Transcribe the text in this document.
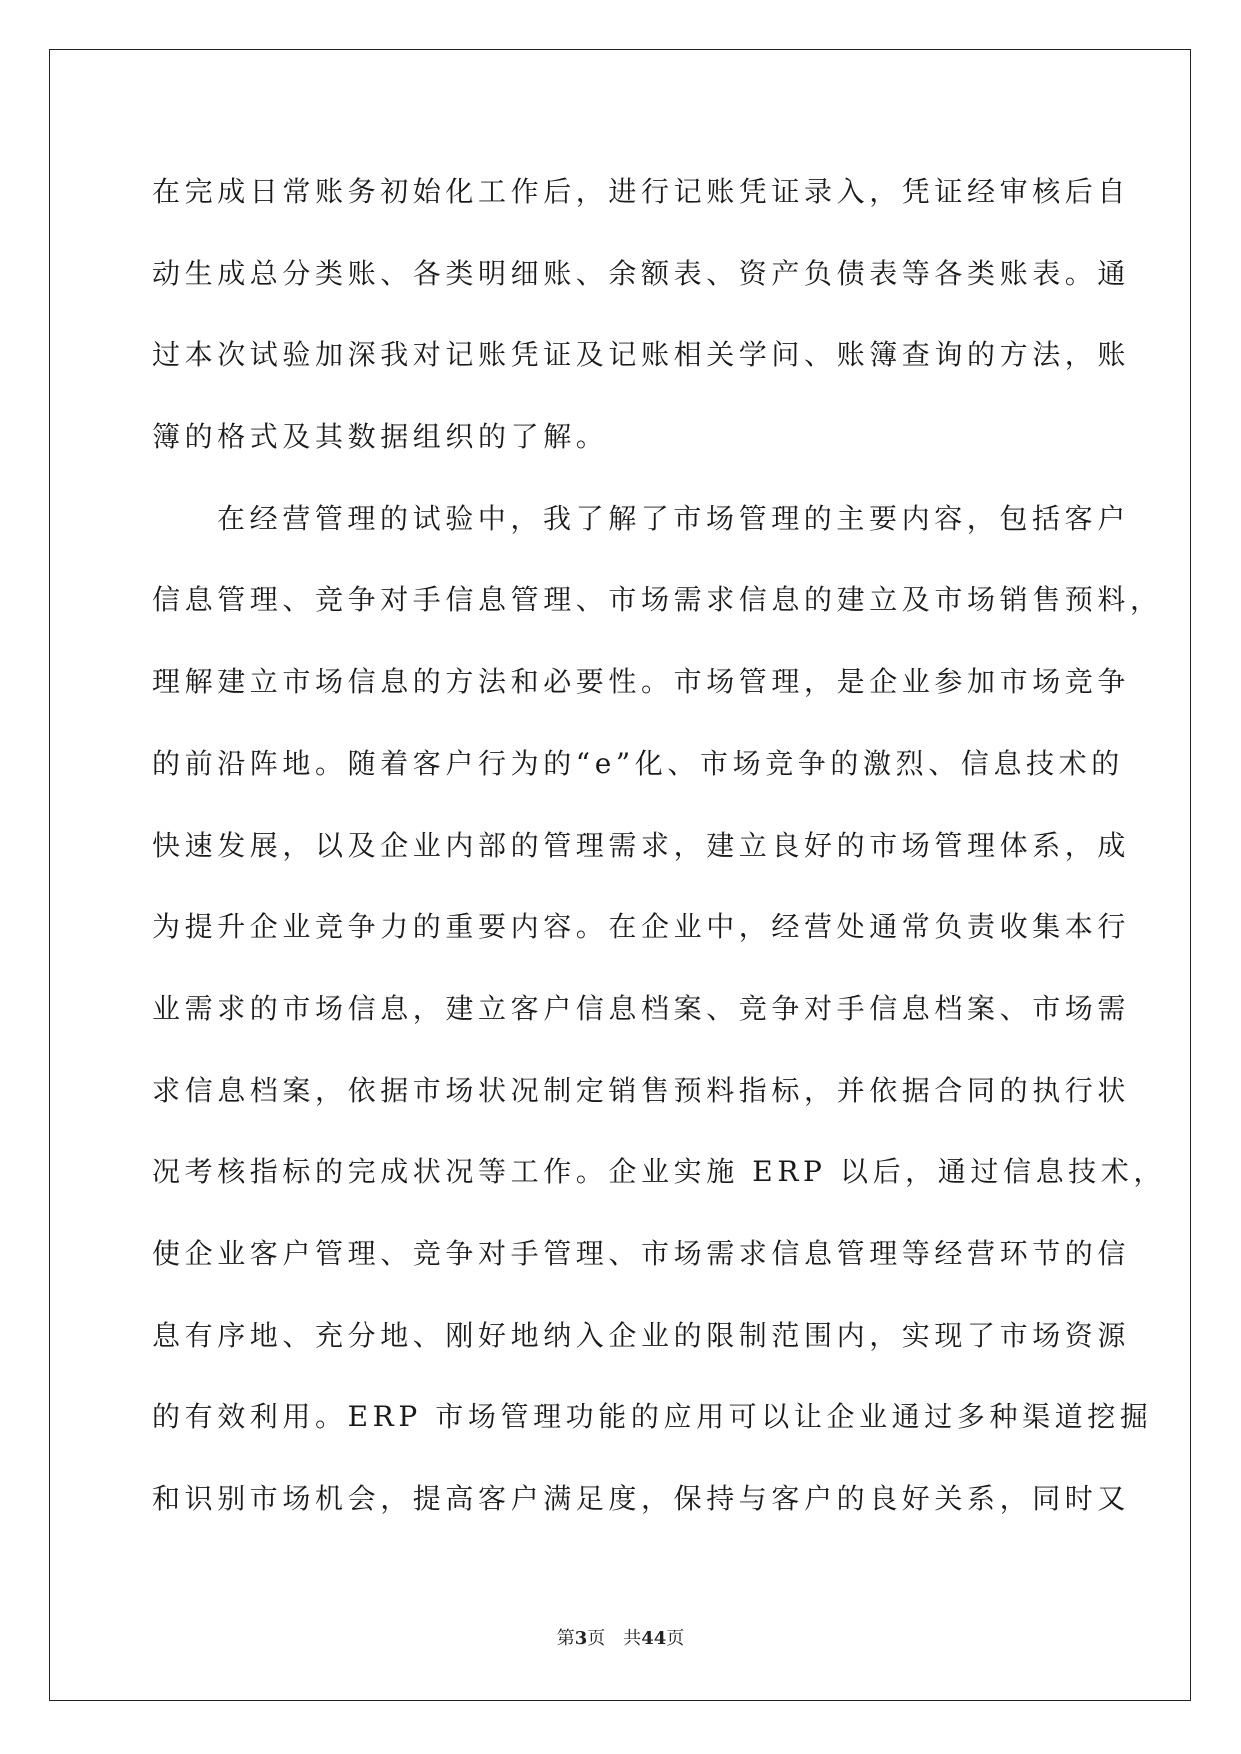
在完成日常账务初始化工作后，进行记账凭证录入，凭证经审核后自
动生成总分类账、各类明细账、余额表、资产负债表等各类账表。通
过本次试验加深我对记账凭证及记账相关学问、账簿查询的方法，账
簿的格式及其数据组织的了解。
在经营管理的试验中，我了解了市场管理的主要内容，包括客户
信息管理、竞争对手信息管理、市场需求信息的建立及市场销售预料，
理解建立市场信息的方法和必要性。市场管理，是企业参加市场竞争
的前沿阵地。随着客户行为的“e”化、市场竞争的激烈、信息技术的
快速发展，以及企业内部的管理需求，建立良好的市场管理体系，成
为提升企业竞争力的重要内容。在企业中，经营处通常负责收集本行
业需求的市场信息，建立客户信息档案、竞争对手信息档案、市场需
求信息档案，依据市场状况制定销售预料指标，并依据合同的执行状
况考核指标的完成状况等工作。企业实施 ERP 以后，通过信息技术，
使企业客户管理、竞争对手管理、市场需求信息管理等经营环节的信
息有序地、充分地、刚好地纳入企业的限制范围内，实现了市场资源
的有效利用。ERP 市场管理功能的应用可以让企业通过多种渠道挖掘
和识别市场机会，提高客户满足度，保持与客户的良好关系，同时又
第3页 共44页
